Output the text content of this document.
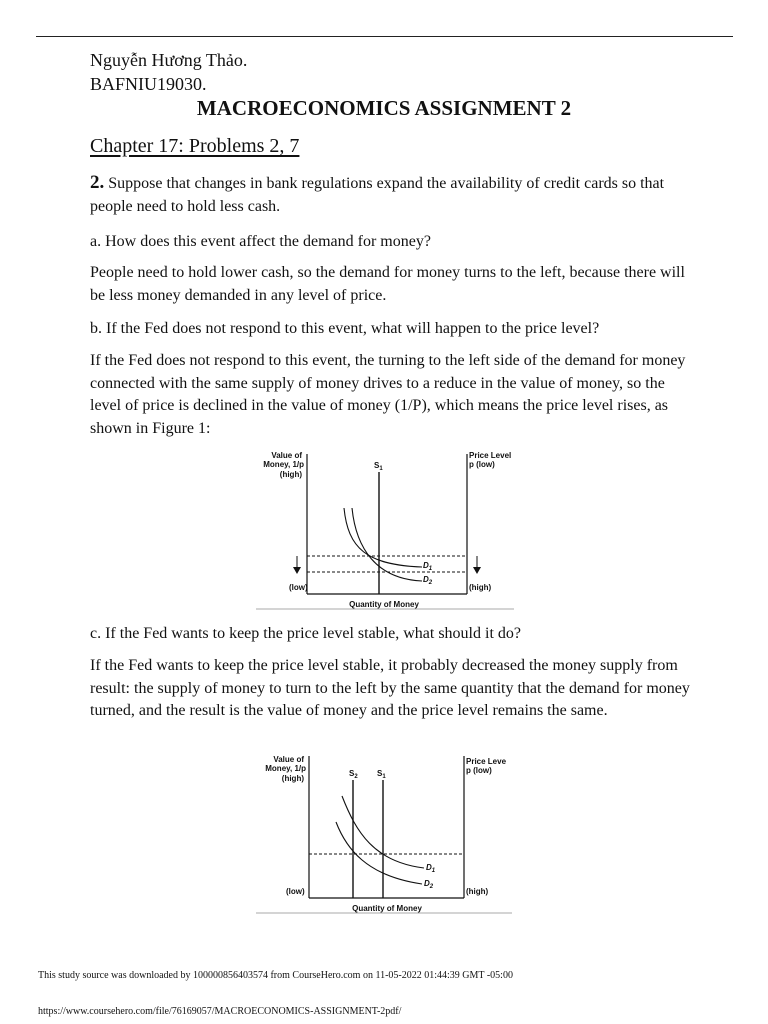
Nguyễn Hương Thảo.
BAFNIU19030.
MACROECONOMICS ASSIGNMENT 2
Chapter 17: Problems 2, 7
2. Suppose that changes in bank regulations expand the availability of credit cards so that people need to hold less cash.
a. How does this event affect the demand for money?
People need to hold lower cash, so the demand for money turns to the left, because there will be less money demanded in any level of price.
b. If the Fed does not respond to this event, what will happen to the price level?
If the Fed does not respond to this event, the turning to the left side of the demand for money connected with the same supply of money drives to a reduce in the value of money, so the level of price is declined in the value of money (1/P), which means the price level rises, as shown in Figure 1:
Value of
Money, 1/p
(high)
Price Level
p (low)
$S_1$
$D_1$
$D_2$
(low)	(high)
Quantity of Money
c. If the Fed wants to keep the price level stable, what should it do?
If the Fed wants to keep the price level stable, it probably decreased the money supply from result: the supply of money to turn to the left by the same quantity that the demand for money turned, and the result is the value of money and the price level remains the same.
Value of
Money, 1/p
(high)
Price Leve
p (low)
$S_2$ $S_1$
$D_1$
$D_2$
(low)	(high)
Quantity of Money
This study source was downloaded by 100000856403574 from CourseHero.com on 11-05-2022 01:44:39 GMT -05:00
https://www.coursehero.com/file/76169057/MACROECONOMICS-ASSIGNMENT-2pdf/
